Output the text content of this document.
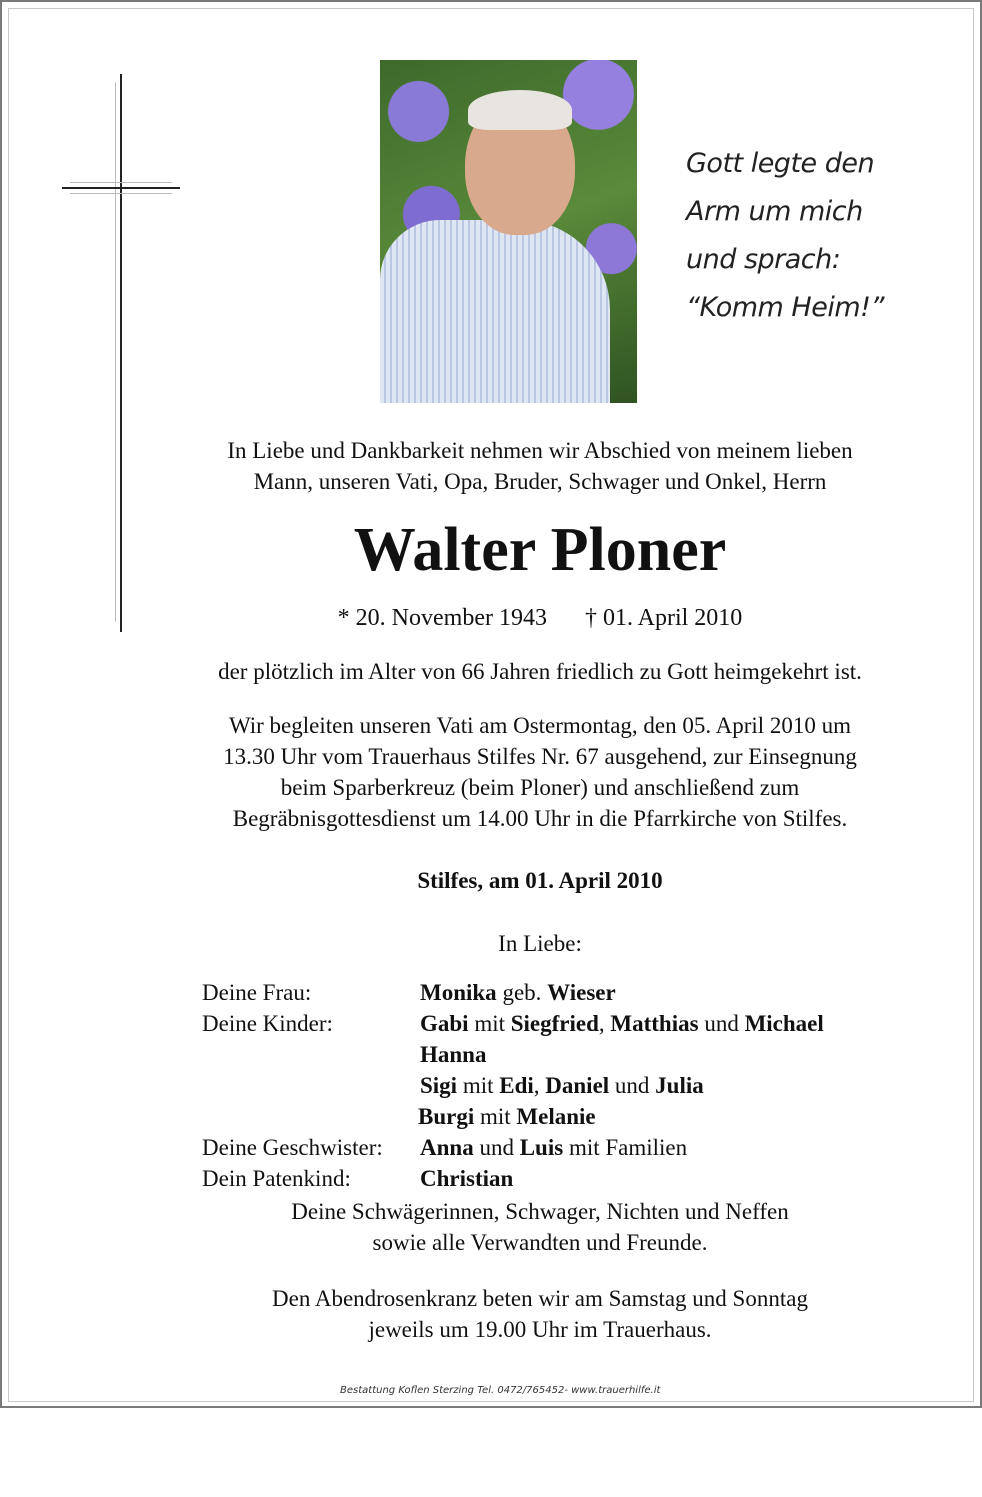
Gott legte den
Arm um mich
und sprach:
“Komm Heim!”
In Liebe und Dankbarkeit nehmen wir Abschied von meinem lieben
Mann, unseren Vati, Opa, Bruder, Schwager und Onkel, Herrn
Walter Ploner
* 20. November 1943 † 01. April 2010
der plötzlich im Alter von 66 Jahren friedlich zu Gott heimgekehrt ist.
Wir begleiten unseren Vati am Ostermontag, den 05. April 2010 um
13.30 Uhr vom Trauerhaus Stilfes Nr. 67 ausgehend, zur Einsegnung
beim Sparberkreuz (beim Ploner) und anschließend zum
Begräbnisgottesdienst um 14.00 Uhr in die Pfarrkirche von Stilfes.
Stilfes, am 01. April 2010
In Liebe:
Deine Frau:	Monika geb. Wieser
Deine Kinder:	Gabi mit Siegfried, Matthias und Michael
Hanna
Sigi mit Edi, Daniel und Julia
Burgi mit Melanie
Deine Geschwister: Anna und Luis mit Familien
Dein Patenkind:	Christian
Deine Schwägerinnen, Schwager, Nichten und Neffen
sowie alle Verwandten und Freunde.
Den Abendrosenkranz beten wir am Samstag und Sonntag
jeweils um 19.00 Uhr im Trauerhaus.
Bestattung Koflen Sterzing Tel. 0472/765452- www.trauerhilfe.it
